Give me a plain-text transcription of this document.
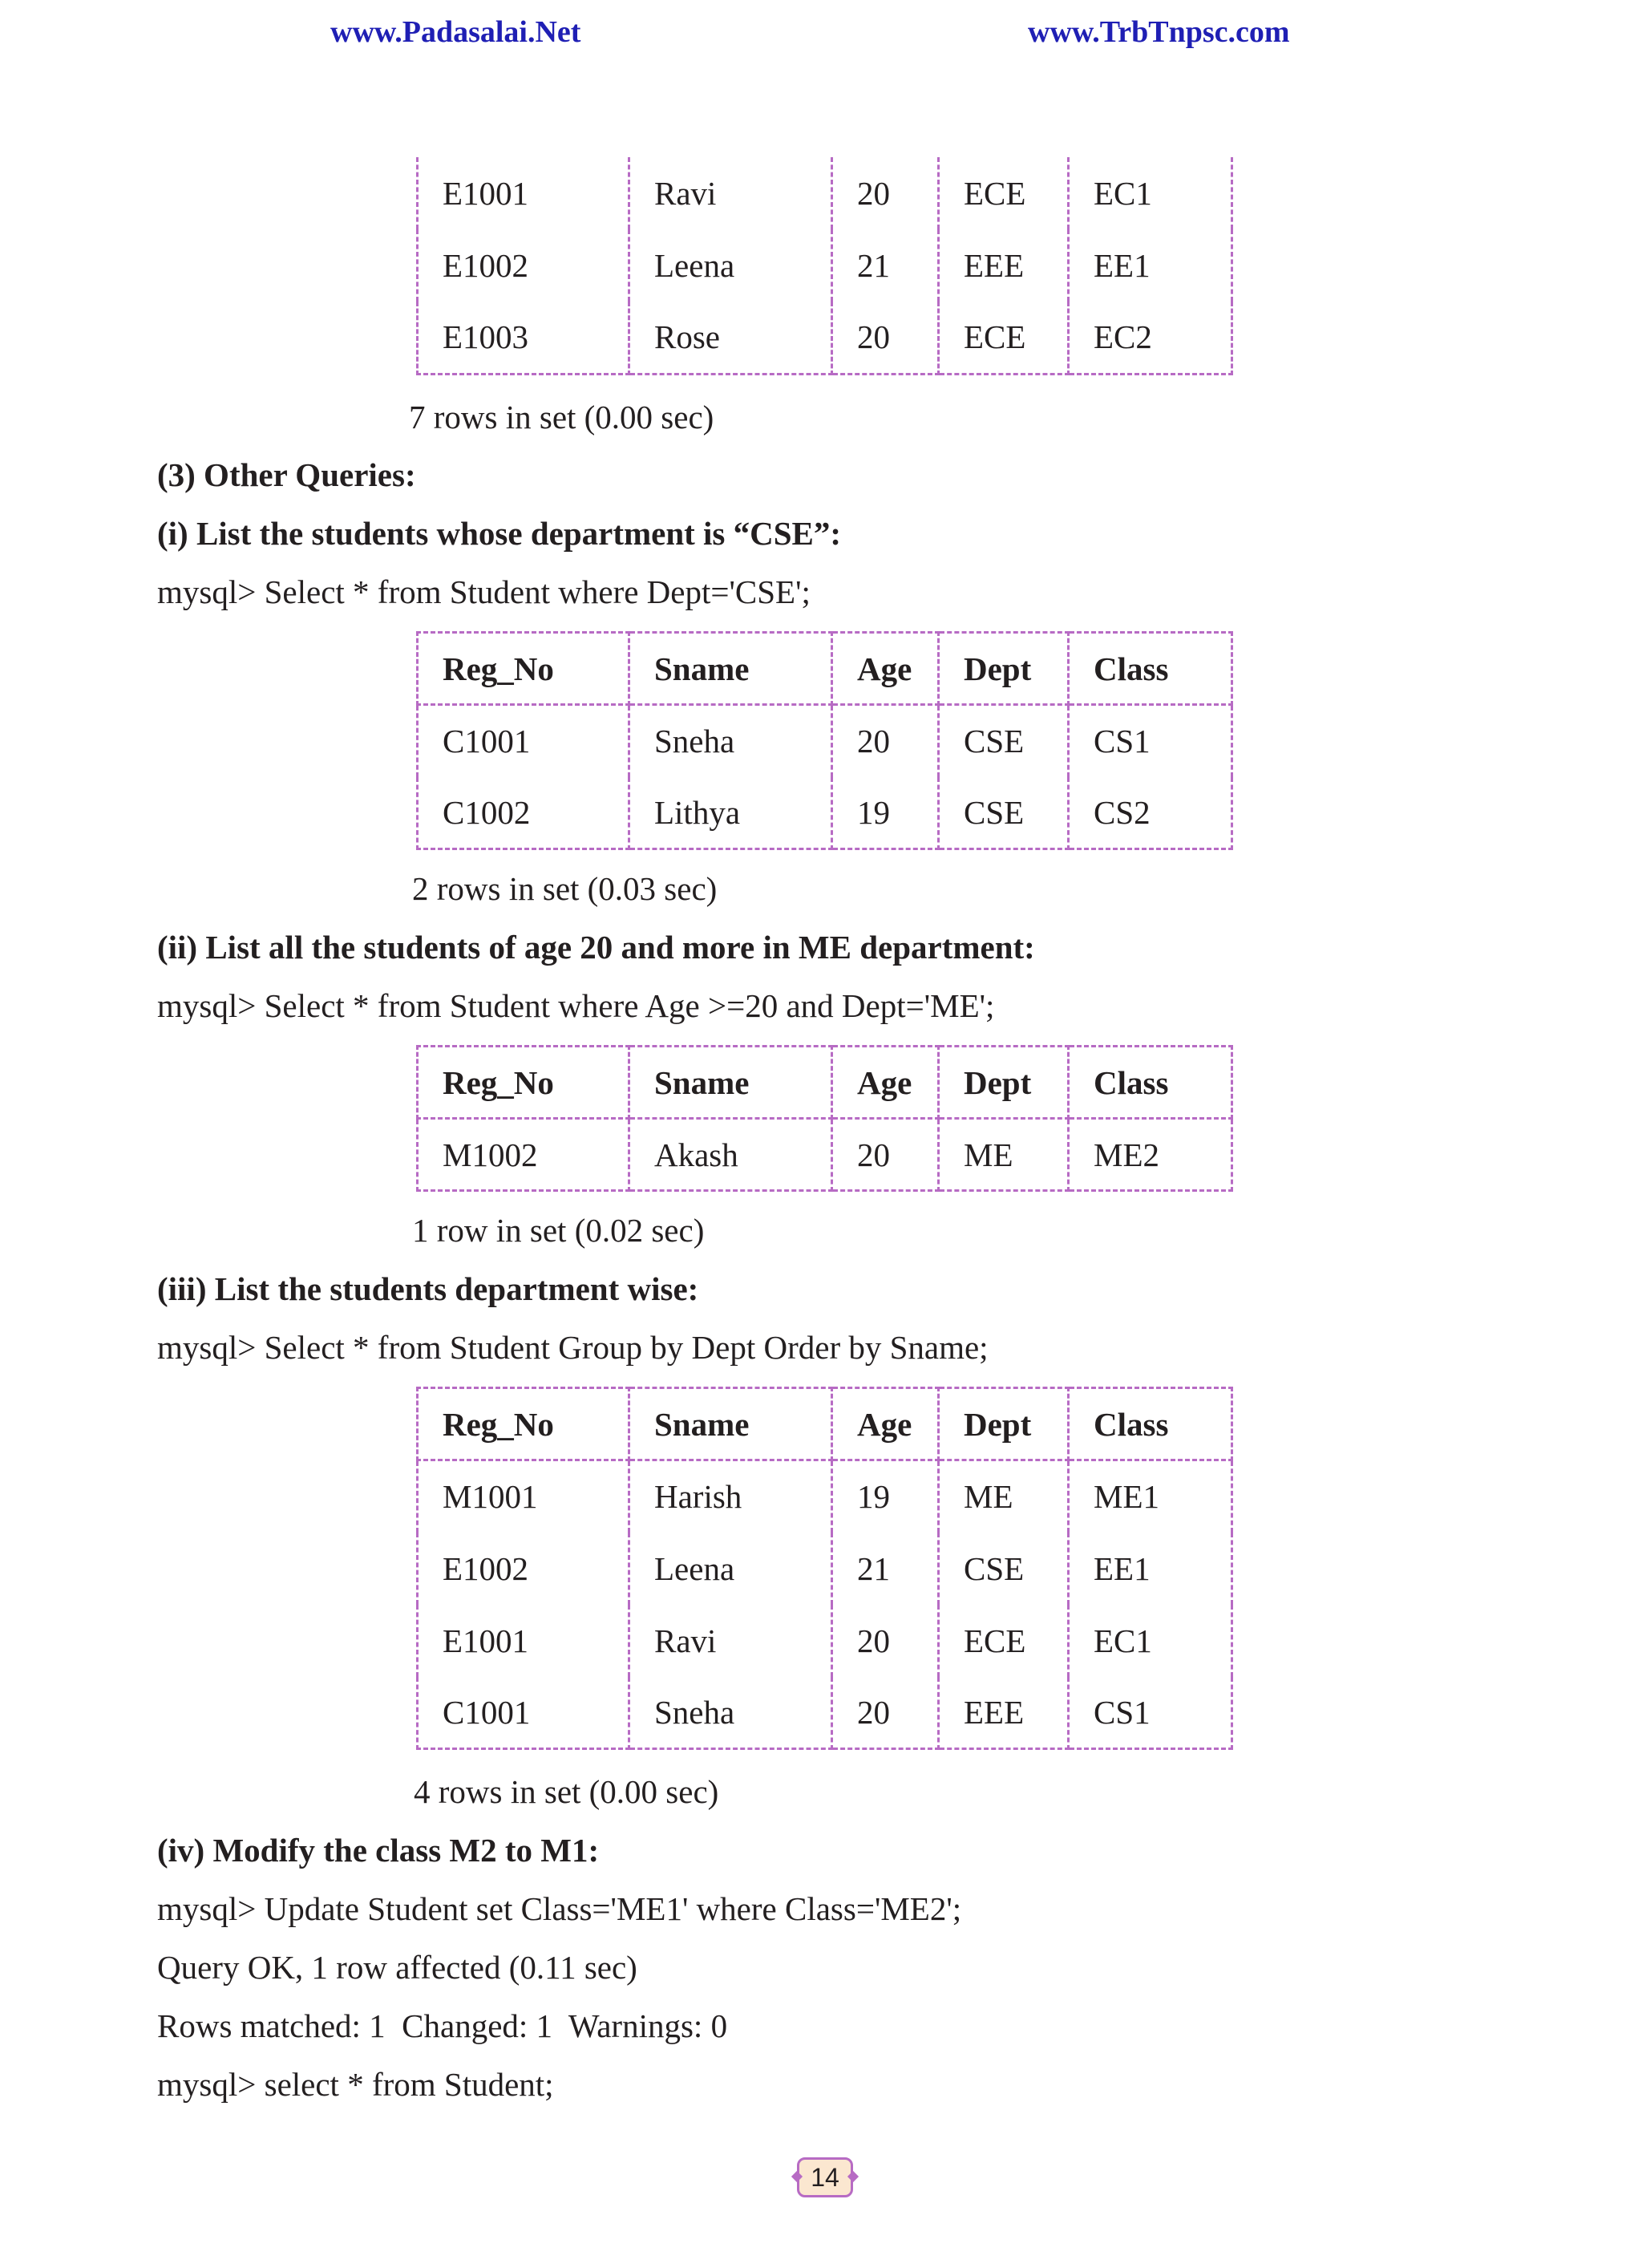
www.Padasalai.Net	www.TrbTnpsc.com
E1001	Ravi	20	ECE	EC1
E1002	Leena	21	EEE	EE1
E1003	Rose	20	ECE	EC2
7 rows in set (0.00 sec)
(3) Other Queries:
(i) List the students whose department is “CSE”:
mysql> Select * from Student where Dept='CSE';
Reg_No	Sname	Age	Dept	Class
C1001	Sneha	20	CSE	CS1
C1002	Lithya	19	CSE	CS2
2 rows in set (0.03 sec)
(ii) List all the students of age 20 and more in ME department:
mysql> Select * from Student where Age >=20 and Dept='ME';
Reg_No	Sname	Age	Dept	Class
M1002	Akash	20	ME	ME2
1 row in set (0.02 sec)
(iii) List the students department wise:
mysql> Select * from Student Group by Dept Order by Sname;
Reg_No	Sname	Age	Dept	Class
M1001	Harish	19	ME	ME1
E1002	Leena	21	CSE	EE1
E1001	Ravi	20	ECE	EC1
C1001	Sneha	20	EEE	CS1
4 rows in set (0.00 sec)
(iv) Modify the class M2 to M1:
mysql> Update Student set Class='ME1' where Class='ME2';
Query OK, 1 row affected (0.11 sec)
Rows matched: 1  Changed: 1  Warnings: 0
mysql> select * from Student;
14
